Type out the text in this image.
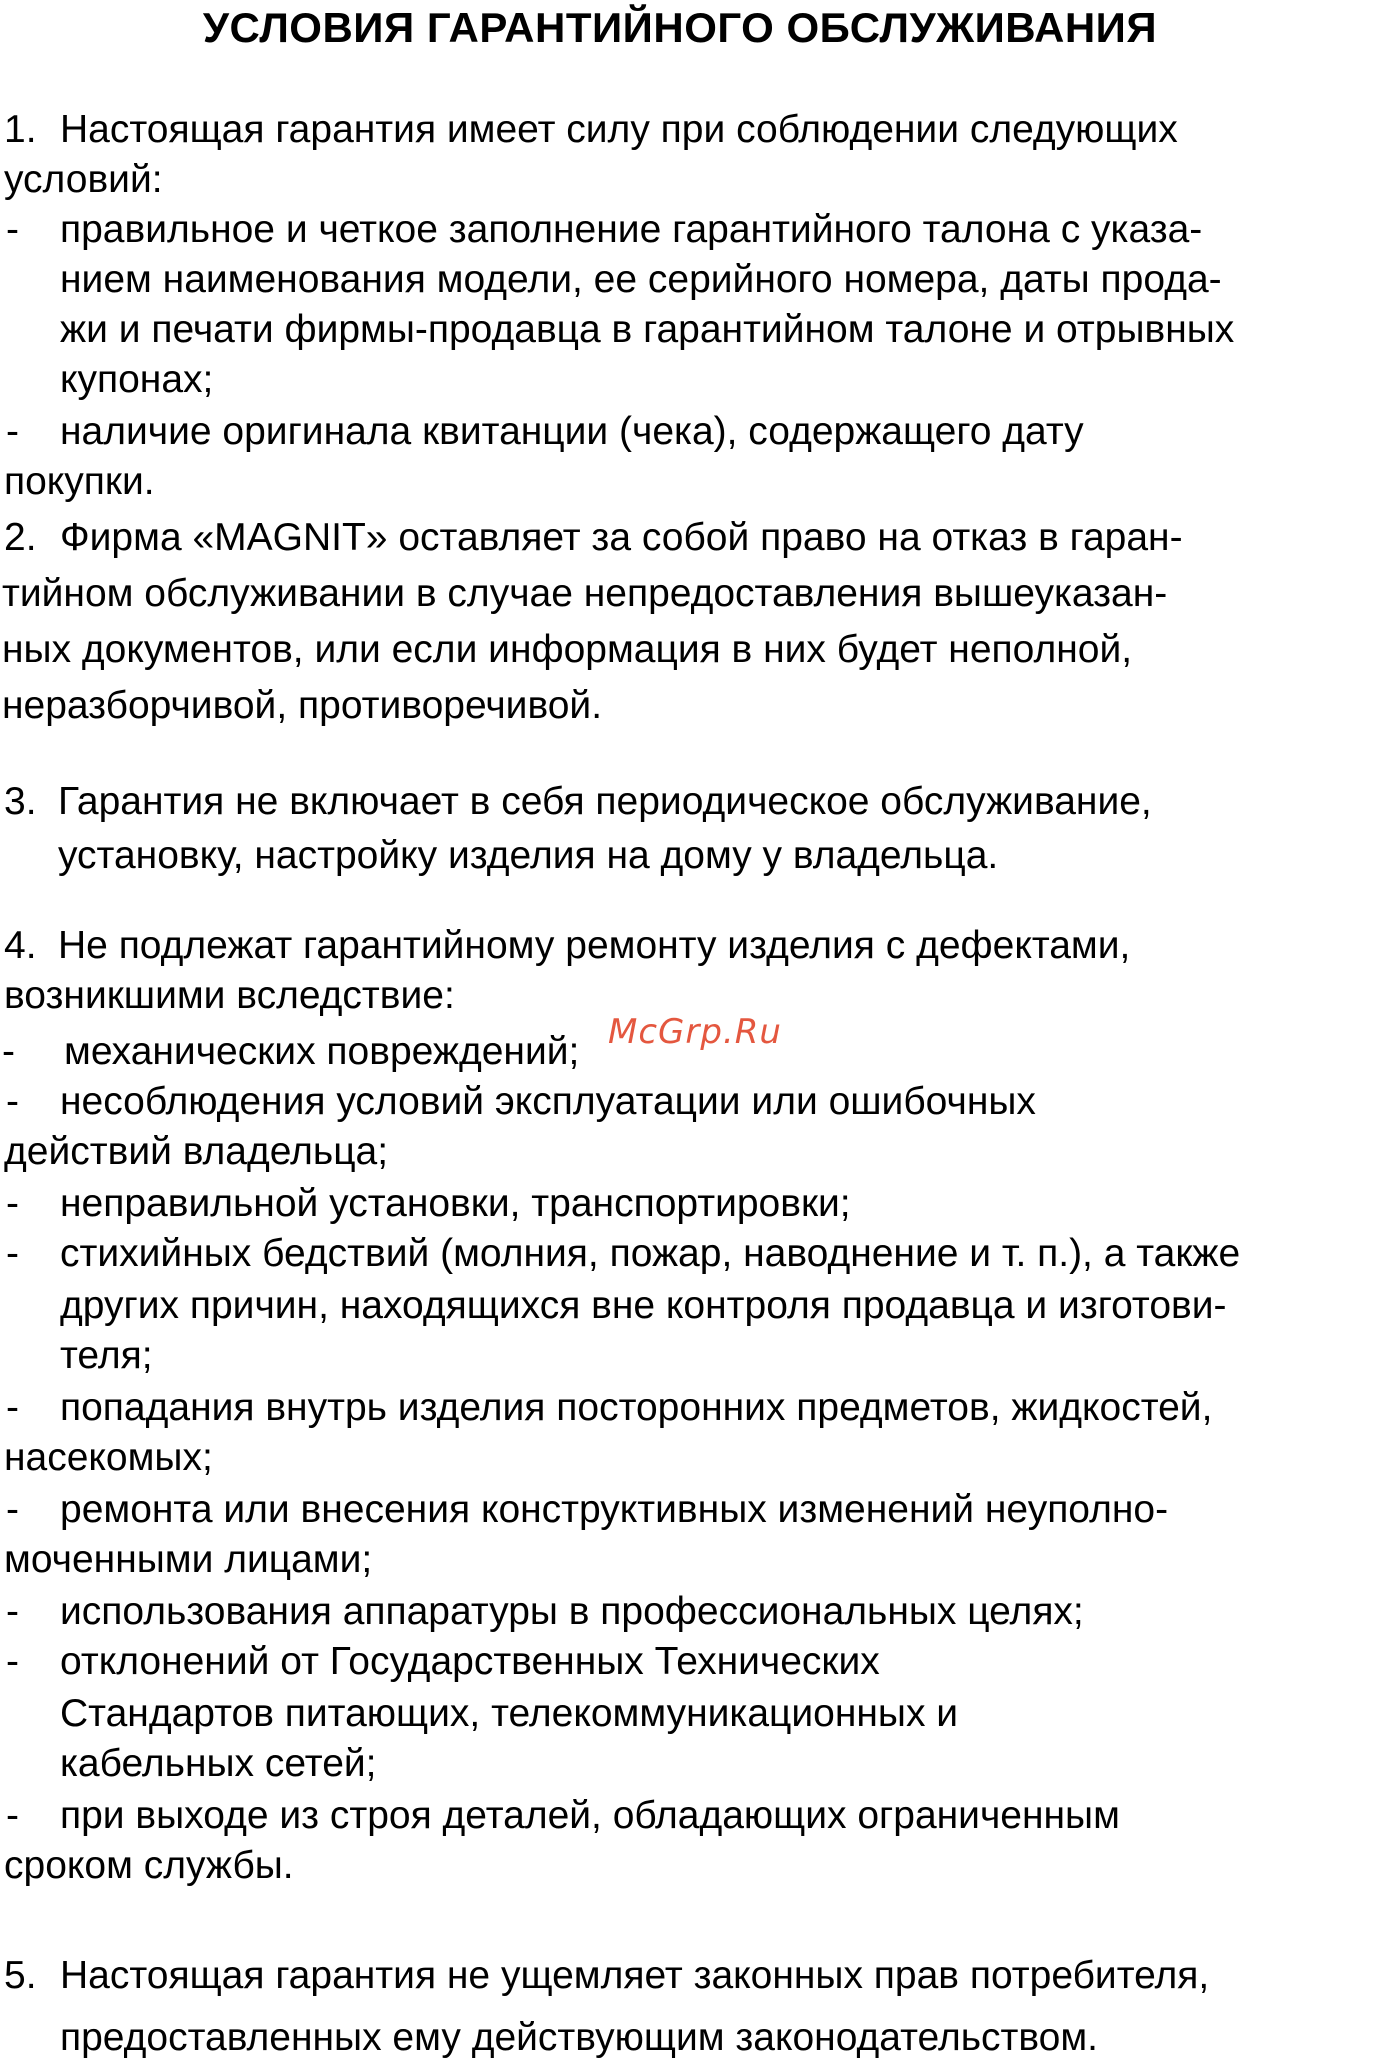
УСЛОВИЯ ГАРАНТИЙНОГО ОБСЛУЖИВАНИЯ
1. Настоящая гарантия имеет силу при соблюдении следующих
условий:
- правильное и четкое заполнение гарантийного талона с указа-
нием наименования модели, ее серийного номера, даты прода-
жи и печати фирмы-продавца в гарантийном талоне и отрывных
купонах;
- наличие оригинала квитанции (чека), содержащего дату
покупки.
2. Фирма «MAGNIT» оставляет за собой право на отказ в гаран-
тийном обслуживании в случае непредоставления вышеуказан-
ных документов, или если информация в них будет неполной,
неразборчивой, противоречивой.
3. Гарантия не включает в себя периодическое обслуживание,
установку, настройку изделия на дому у владельца.
4. Не подлежат гарантийному ремонту изделия с дефектами,
возникшими вследствие:
- механических повреждений;
- несоблюдения условий эксплуатации или ошибочных
действий владельца;
- неправильной установки, транспортировки;
- стихийных бедствий (молния, пожар, наводнение и т. п.), а также
других причин, находящихся вне контроля продавца и изготови-
теля;
- попадания внутрь изделия посторонних предметов, жидкостей,
насекомых;
- ремонта или внесения конструктивных изменений неуполно-
моченными лицами;
- использования аппаратуры в профессиональных целях;
- отклонений от Государственных Технических
Стандартов питающих, телекоммуникационных и
кабельных сетей;
- при выходе из строя деталей, обладающих ограниченным
сроком службы.
5. Настоящая гарантия не ущемляет законных прав потребителя,
предоставленных ему действующим законодательством.
McGrp.Ru
